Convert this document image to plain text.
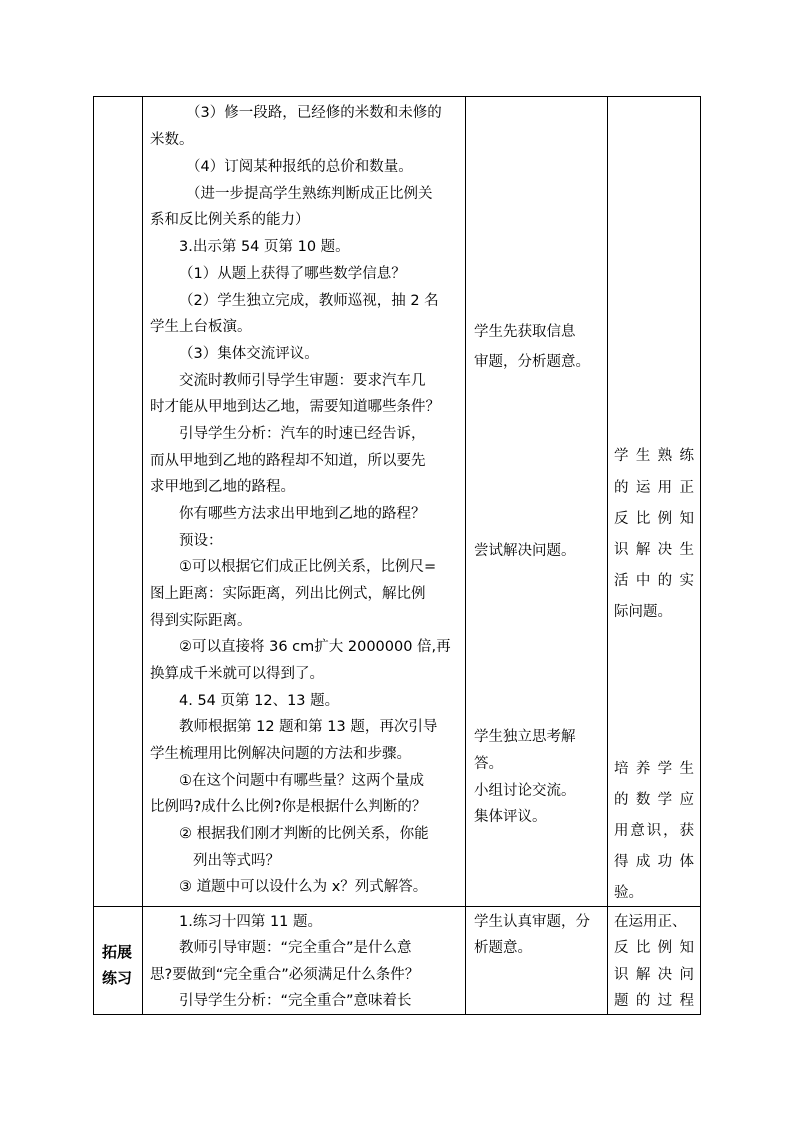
（3）修一段路，已经修的米数和未修的
米数。
（4）订阅某种报纸的总价和数量。
（进一步提高学生熟练判断成正比例关
系和反比例关系的能力）
3.出示第 54 页第 10 题。
（1）从题上获得了哪些数学信息？
（2）学生独立完成，教师巡视，抽 2 名
学生上台板演。
（3）集体交流评议。
交流时教师引导学生审题：要求汽车几
时才能从甲地到达乙地，需要知道哪些条件？
引导学生分析：汽车的时速已经告诉，
而从甲地到乙地的路程却不知道，所以要先
求甲地到乙地的路程。
你有哪些方法求出甲地到乙地的路程？
预设：
①可以根据它们成正比例关系，比例尺=
图上距离：实际距离，列出比例式，解比例
得到实际距离。
②可以直接将 36 cm扩大 2000000 倍,再
换算成千米就可以得到了。
4. 54 页第 12、13 题。
教师根据第 12 题和第 13 题，再次引导
学生梳理用比例解决问题的方法和步骤。
①在这个问题中有哪些量？这两个量成
比例吗?成什么比例?你是根据什么判断的？
② 根据我们刚才判断的比例关系，你能
列出等式吗？
③ 道题中可以设什么为 x？列式解答。
学生先获取信息
审题，分析题意。
尝试解决问题。
学生独立思考解
答。
小组讨论交流。
集体评议。
学 生 熟 练
的 运 用 正
反 比 例 知
识 解 决 生
活 中 的 实
际问题。
培 养 学 生
的 数 学 应
用意识，获
得 成 功 体
验。
拓展
练习
1.练习十四第 11 题。
教师引导审题：“完全重合”是什么意
思?要做到“完全重合”必须满足什么条件？
引导学生分析：“完全重合”意味着长
学生认真审题，分
析题意。
在运用正、
反 比 例 知
识 解 决 问
题 的 过 程
